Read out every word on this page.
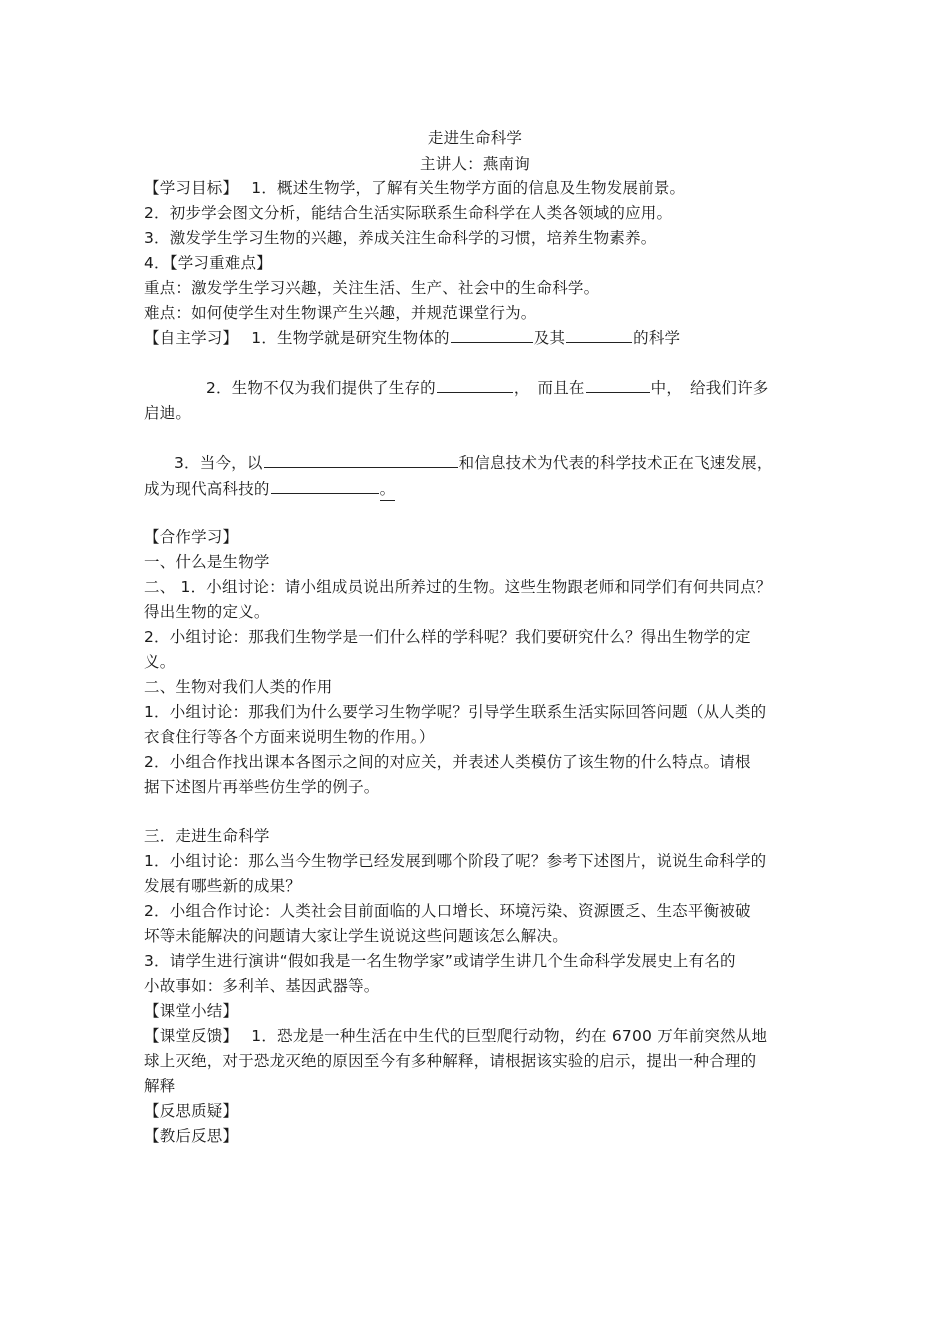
走进生命科学
主讲人：燕南询
【学习目标】　 1．概述生物学，了解有关生物学方面的信息及生物发展前景。
2．初步学会图文分析，能结合生活实际联系生命科学在人类各领域的应用。
3．激发学生学习生物的兴趣，养成关注生命科学的习惯，培养生物素养。
4．【学习重难点】
重点：激发学生学习兴趣，关注生活、生产、社会中的生命科学。
难点：如何使学生对生物课产生兴趣，并规范课堂行为。
【自主学习】　 1．生物学就是研究生物体的	及其	的科学
2．生物不仅为我们提供了生存的	，　而且在	中，　给我们许多
启迪。
3．当今，以	和信息技术为代表的科学技术正在飞速发展，
成为现代高科技的	。
【合作学习】
一、什么是生物学
二、 1．小组讨论：请小组成员说出所养过的生物。这些生物跟老师和同学们有何共同点？
得出生物的定义。
2．小组讨论：那我们生物学是一们什么样的学科呢？我们要研究什么？得出生物学的定
义。
二、生物对我们人类的作用
1．小组讨论：那我们为什么要学习生物学呢？引导学生联系生活实际回答问题（从人类的
衣食住行等各个方面来说明生物的作用。）
2．小组合作找出课本各图示之间的对应关，并表述人类模仿了该生物的什么特点。请根
据下述图片再举些仿生学的例子。
三．走进生命科学
1．小组讨论：那么当今生物学已经发展到哪个阶段了呢？参考下述图片，说说生命科学的
发展有哪些新的成果？
2．小组合作讨论：人类社会目前面临的人口增长、环境污染、资源匮乏、生态平衡被破
坏等未能解决的问题请大家让学生说说这些问题该怎么解决。
3．请学生进行演讲“假如我是一名生物学家”或请学生讲几个生命科学发展史上有名的
小故事如：多利羊、基因武器等。
【课堂小结】
【课堂反馈】　 1．恐龙是一种生活在中生代的巨型爬行动物，约在 6700 万年前突然从地
球上灭绝，对于恐龙灭绝的原因至今有多种解释，请根据该实验的启示，提出一种合理的
解释
【反思质疑】
【教后反思】
